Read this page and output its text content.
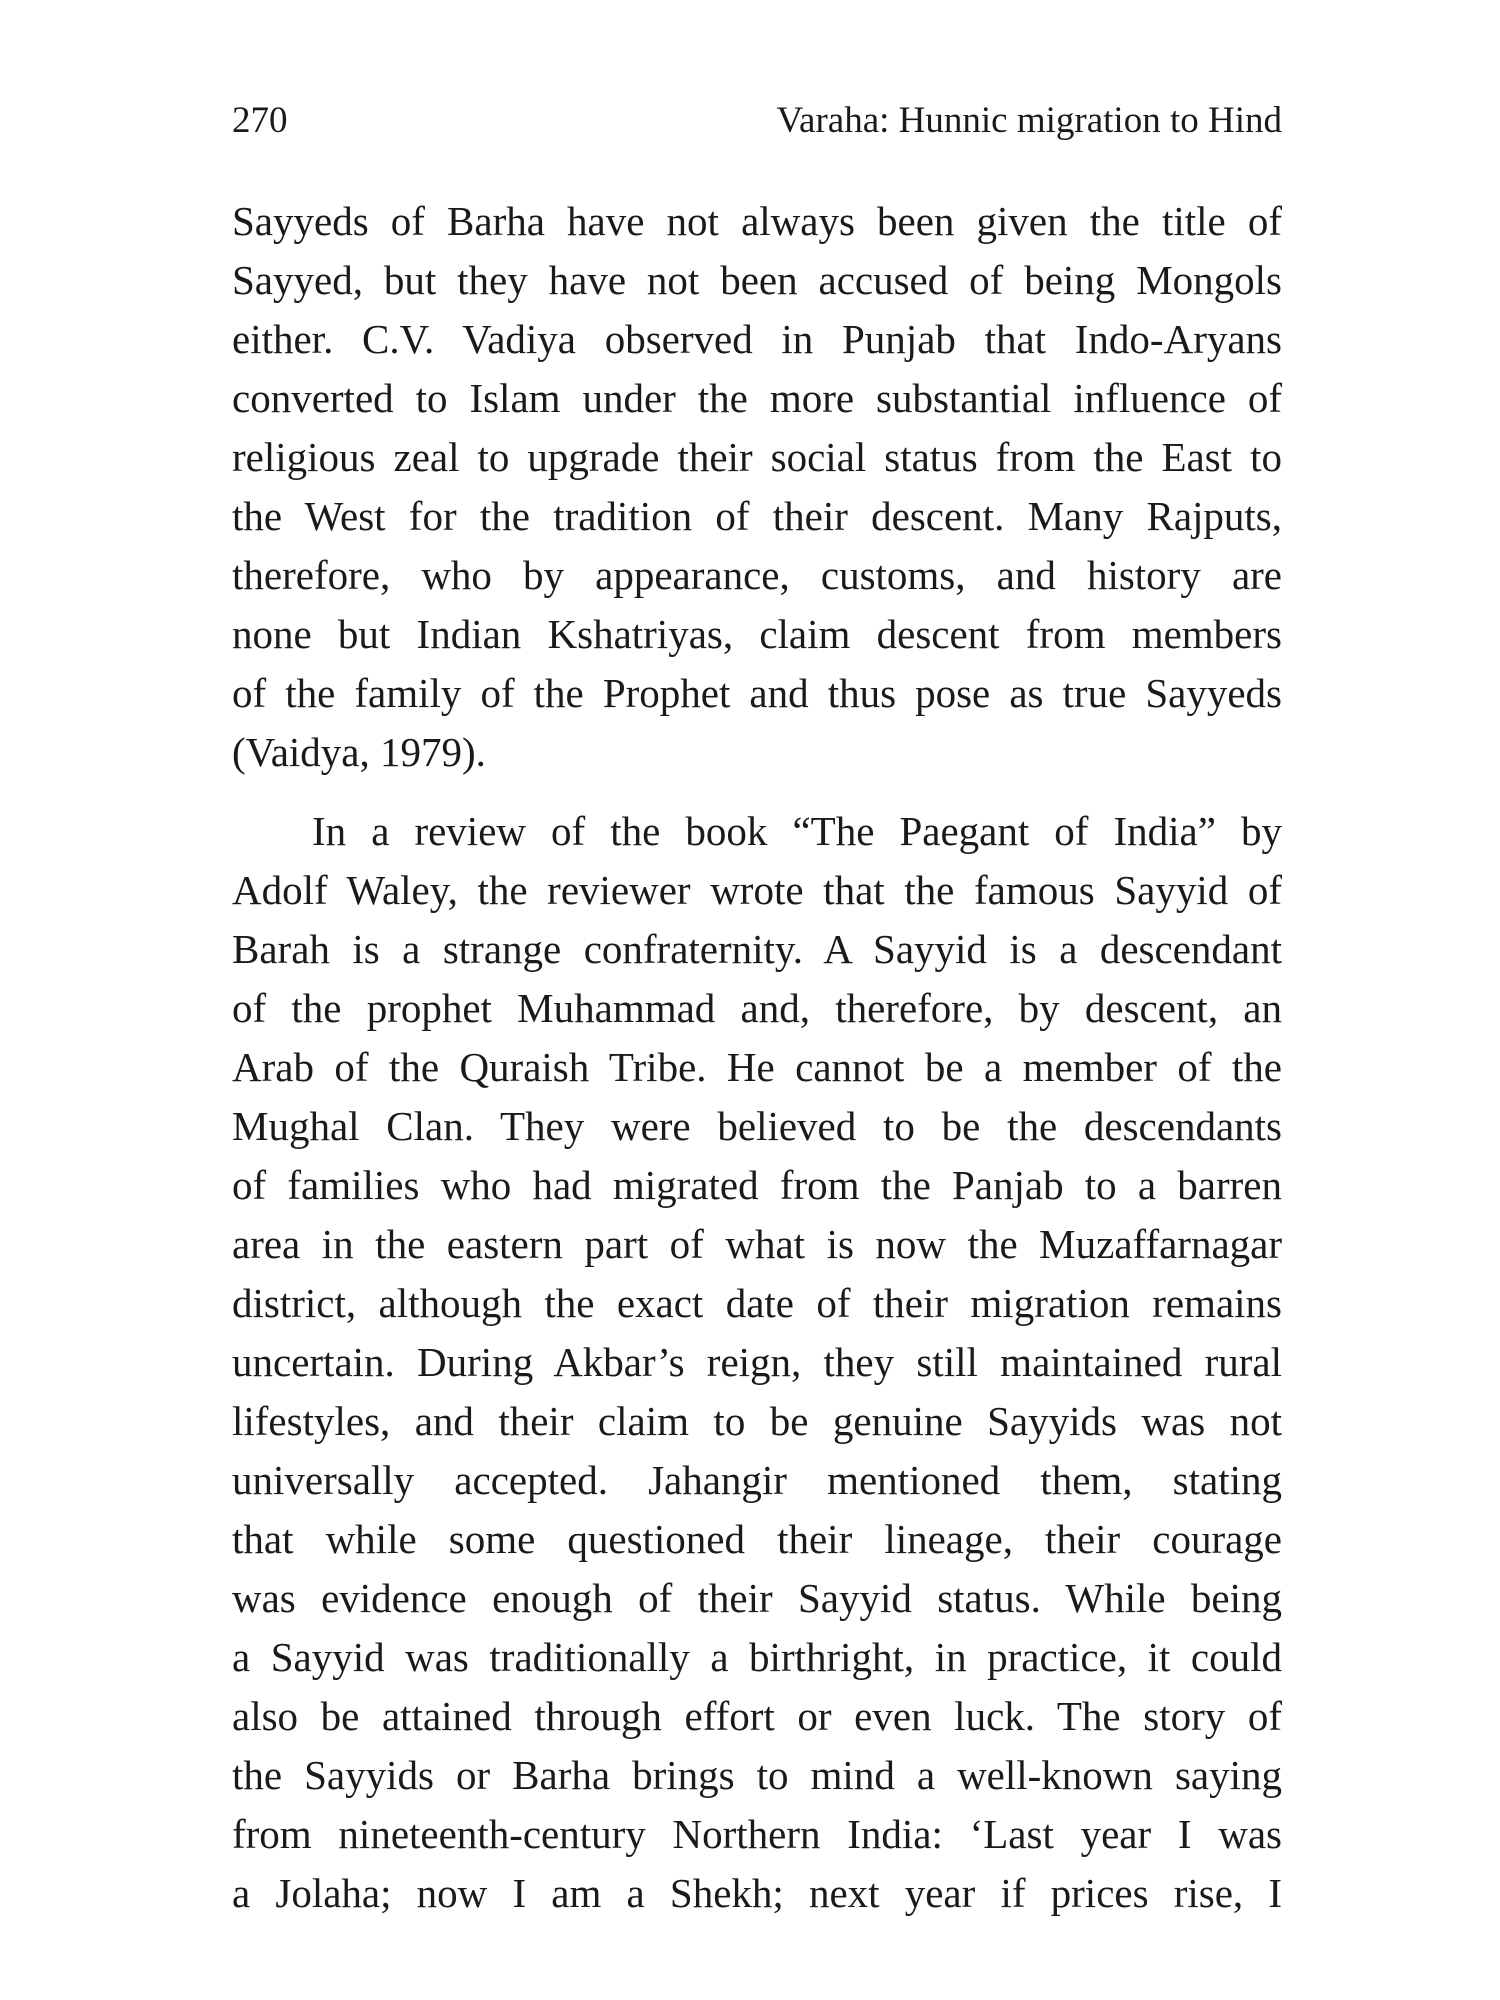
270	Varaha: Hunnic migration to Hind
Sayyeds of Barha have not always been given the title of
Sayyed, but they have not been accused of being Mongols
either. C.V. Vadiya observed in Punjab that Indo-Aryans
converted to Islam under the more substantial influence of
religious zeal to upgrade their social status from the East to
the West for the tradition of their descent. Many Rajputs,
therefore, who by appearance, customs, and history are
none but Indian Kshatriyas, claim descent from members
of the family of the Prophet and thus pose as true Sayyeds
(Vaidya, 1979).
In a review of the book “The Paegant of India” by
Adolf Waley, the reviewer wrote that the famous Sayyid of
Barah is a strange confraternity. A Sayyid is a descendant
of the prophet Muhammad and, therefore, by descent, an
Arab of the Quraish Tribe. He cannot be a member of the
Mughal Clan. They were believed to be the descendants
of families who had migrated from the Panjab to a barren
area in the eastern part of what is now the Muzaffarnagar
district, although the exact date of their migration remains
uncertain. During Akbar’s reign, they still maintained rural
lifestyles, and their claim to be genuine Sayyids was not
universally accepted. Jahangir mentioned them, stating
that while some questioned their lineage, their courage
was evidence enough of their Sayyid status. While being
a Sayyid was traditionally a birthright, in practice, it could
also be attained through effort or even luck. The story of
the Sayyids or Barha brings to mind a well-known saying
from nineteenth-century Northern India: ‘Last year I was
a Jolaha; now I am a Shekh; next year if prices rise, I
